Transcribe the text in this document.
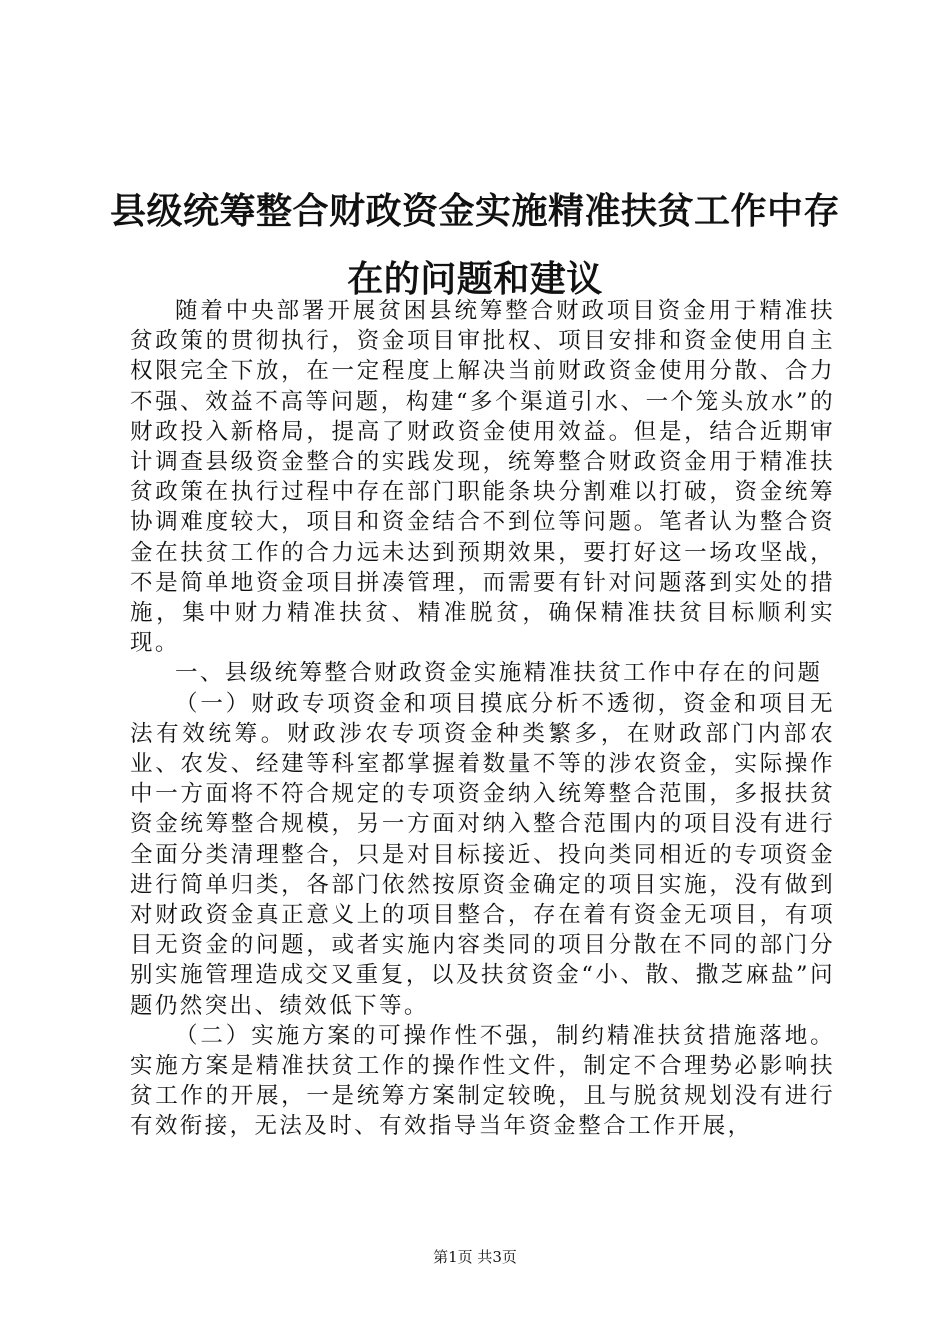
县级统筹整合财政资金实施精准扶贫工作中存在的问题和建议

随着中央部署开展贫困县统筹整合财政项目资金用于精准扶贫政策的贯彻执行，资金项目审批权、项目安排和资金使用自主权限完全下放，在一定程度上解决当前财政资金使用分散、合力不强、效益不高等问题，构建“多个渠道引水、一个笼头放水”的财政投入新格局，提高了财政资金使用效益。但是，结合近期审计调查县级资金整合的实践发现，统筹整合财政资金用于精准扶贫政策在执行过程中存在部门职能条块分割难以打破，资金统筹协调难度较大，项目和资金结合不到位等问题。笔者认为整合资金在扶贫工作的合力远未达到预期效果，要打好这一场攻坚战，不是简单地资金项目拼凑管理，而需要有针对问题落到实处的措施，集中财力精准扶贫、精准脱贫，确保精准扶贫目标顺利实现。

一、县级统筹整合财政资金实施精准扶贫工作中存在的问题

（一）财政专项资金和项目摸底分析不透彻，资金和项目无法有效统筹。财政涉农专项资金种类繁多，在财政部门内部农业、农发、经建等科室都掌握着数量不等的涉农资金，实际操作中一方面将不符合规定的专项资金纳入统筹整合范围，多报扶贫资金统筹整合规模，另一方面对纳入整合范围内的项目没有进行全面分类清理整合，只是对目标接近、投向类同相近的专项资金进行简单归类，各部门依然按原资金确定的项目实施，没有做到对财政资金真正意义上的项目整合，存在着有资金无项目，有项目无资金的问题，或者实施内容类同的项目分散在不同的部门分别实施管理造成交叉重复，以及扶贫资金“小、散、撒芝麻盐”问题仍然突出、绩效低下等。

（二）实施方案的可操作性不强，制约精准扶贫措施落地。实施方案是精准扶贫工作的操作性文件，制定不合理势必影响扶贫工作的开展，一是统筹方案制定较晚，且与脱贫规划没有进行有效衔接，无法及时、有效指导当年资金整合工作开展，

第1页 共3页
